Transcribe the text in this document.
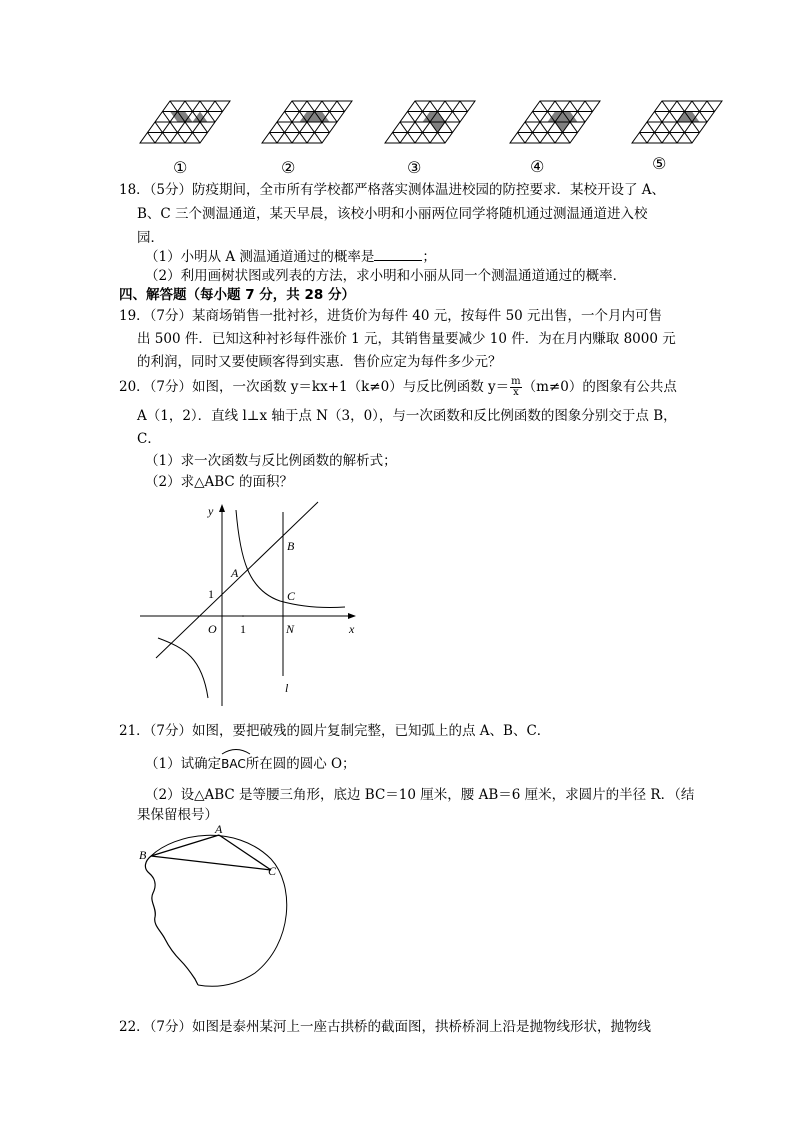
①	②	③	④	⑤
18．（5分）防疫期间，全市所有学校都严格落实测体温进校园的防控要求．某校开设了 A、
B、C 三个测温通道，某天早晨，该校小明和小丽两位同学将随机通过测温通道进入校
园．
（1）小明从 A 测温通道通过的概率是	；
（2）利用画树状图或列表的方法，求小明和小丽从同一个测温通道通过的概率．
四、解答题（每小题 7 分，共 28 分）
19．（7分）某商场销售一批衬衫，进货价为每件 40 元，按每件 50 元出售，一个月内可售
出 500 件．已知这种衬衫每件涨价 1 元，其销售量要减少 10 件．为在月内赚取 8000 元
的利润，同时又要使顾客得到实惠．售价应定为每件多少元？
20．（7分）如图，一次函数 y＝kx+1（k≠0）与反比例函数 $y= \frac{m}{x} (m\ne 0)$的图象有公共点
A（1，2）．直线 l⊥x 轴于点 N（3，0），与一次函数和反比例函数的图象分别交于点 B，
C．
（1）求一次函数与反比例函数的解析式；
（2）求△ABC 的面积？
y
x
B
A
C
1
O 1	N
l
21．（7分）如图，要把破残的圆片复制完整，已知弧上的点 A、B、C．
（1）试确定
BAC所在圆的圆心 O；
（2）设△ABC 是等腰三角形，底边 BC＝10 厘米，腰 AB＝6 厘米，求圆片的半径 R．（结
果保留根号）
A
B
C
22．（7分）如图是泰州某河上一座古拱桥的截面图，拱桥桥洞上沿是抛物线形状，抛物线
